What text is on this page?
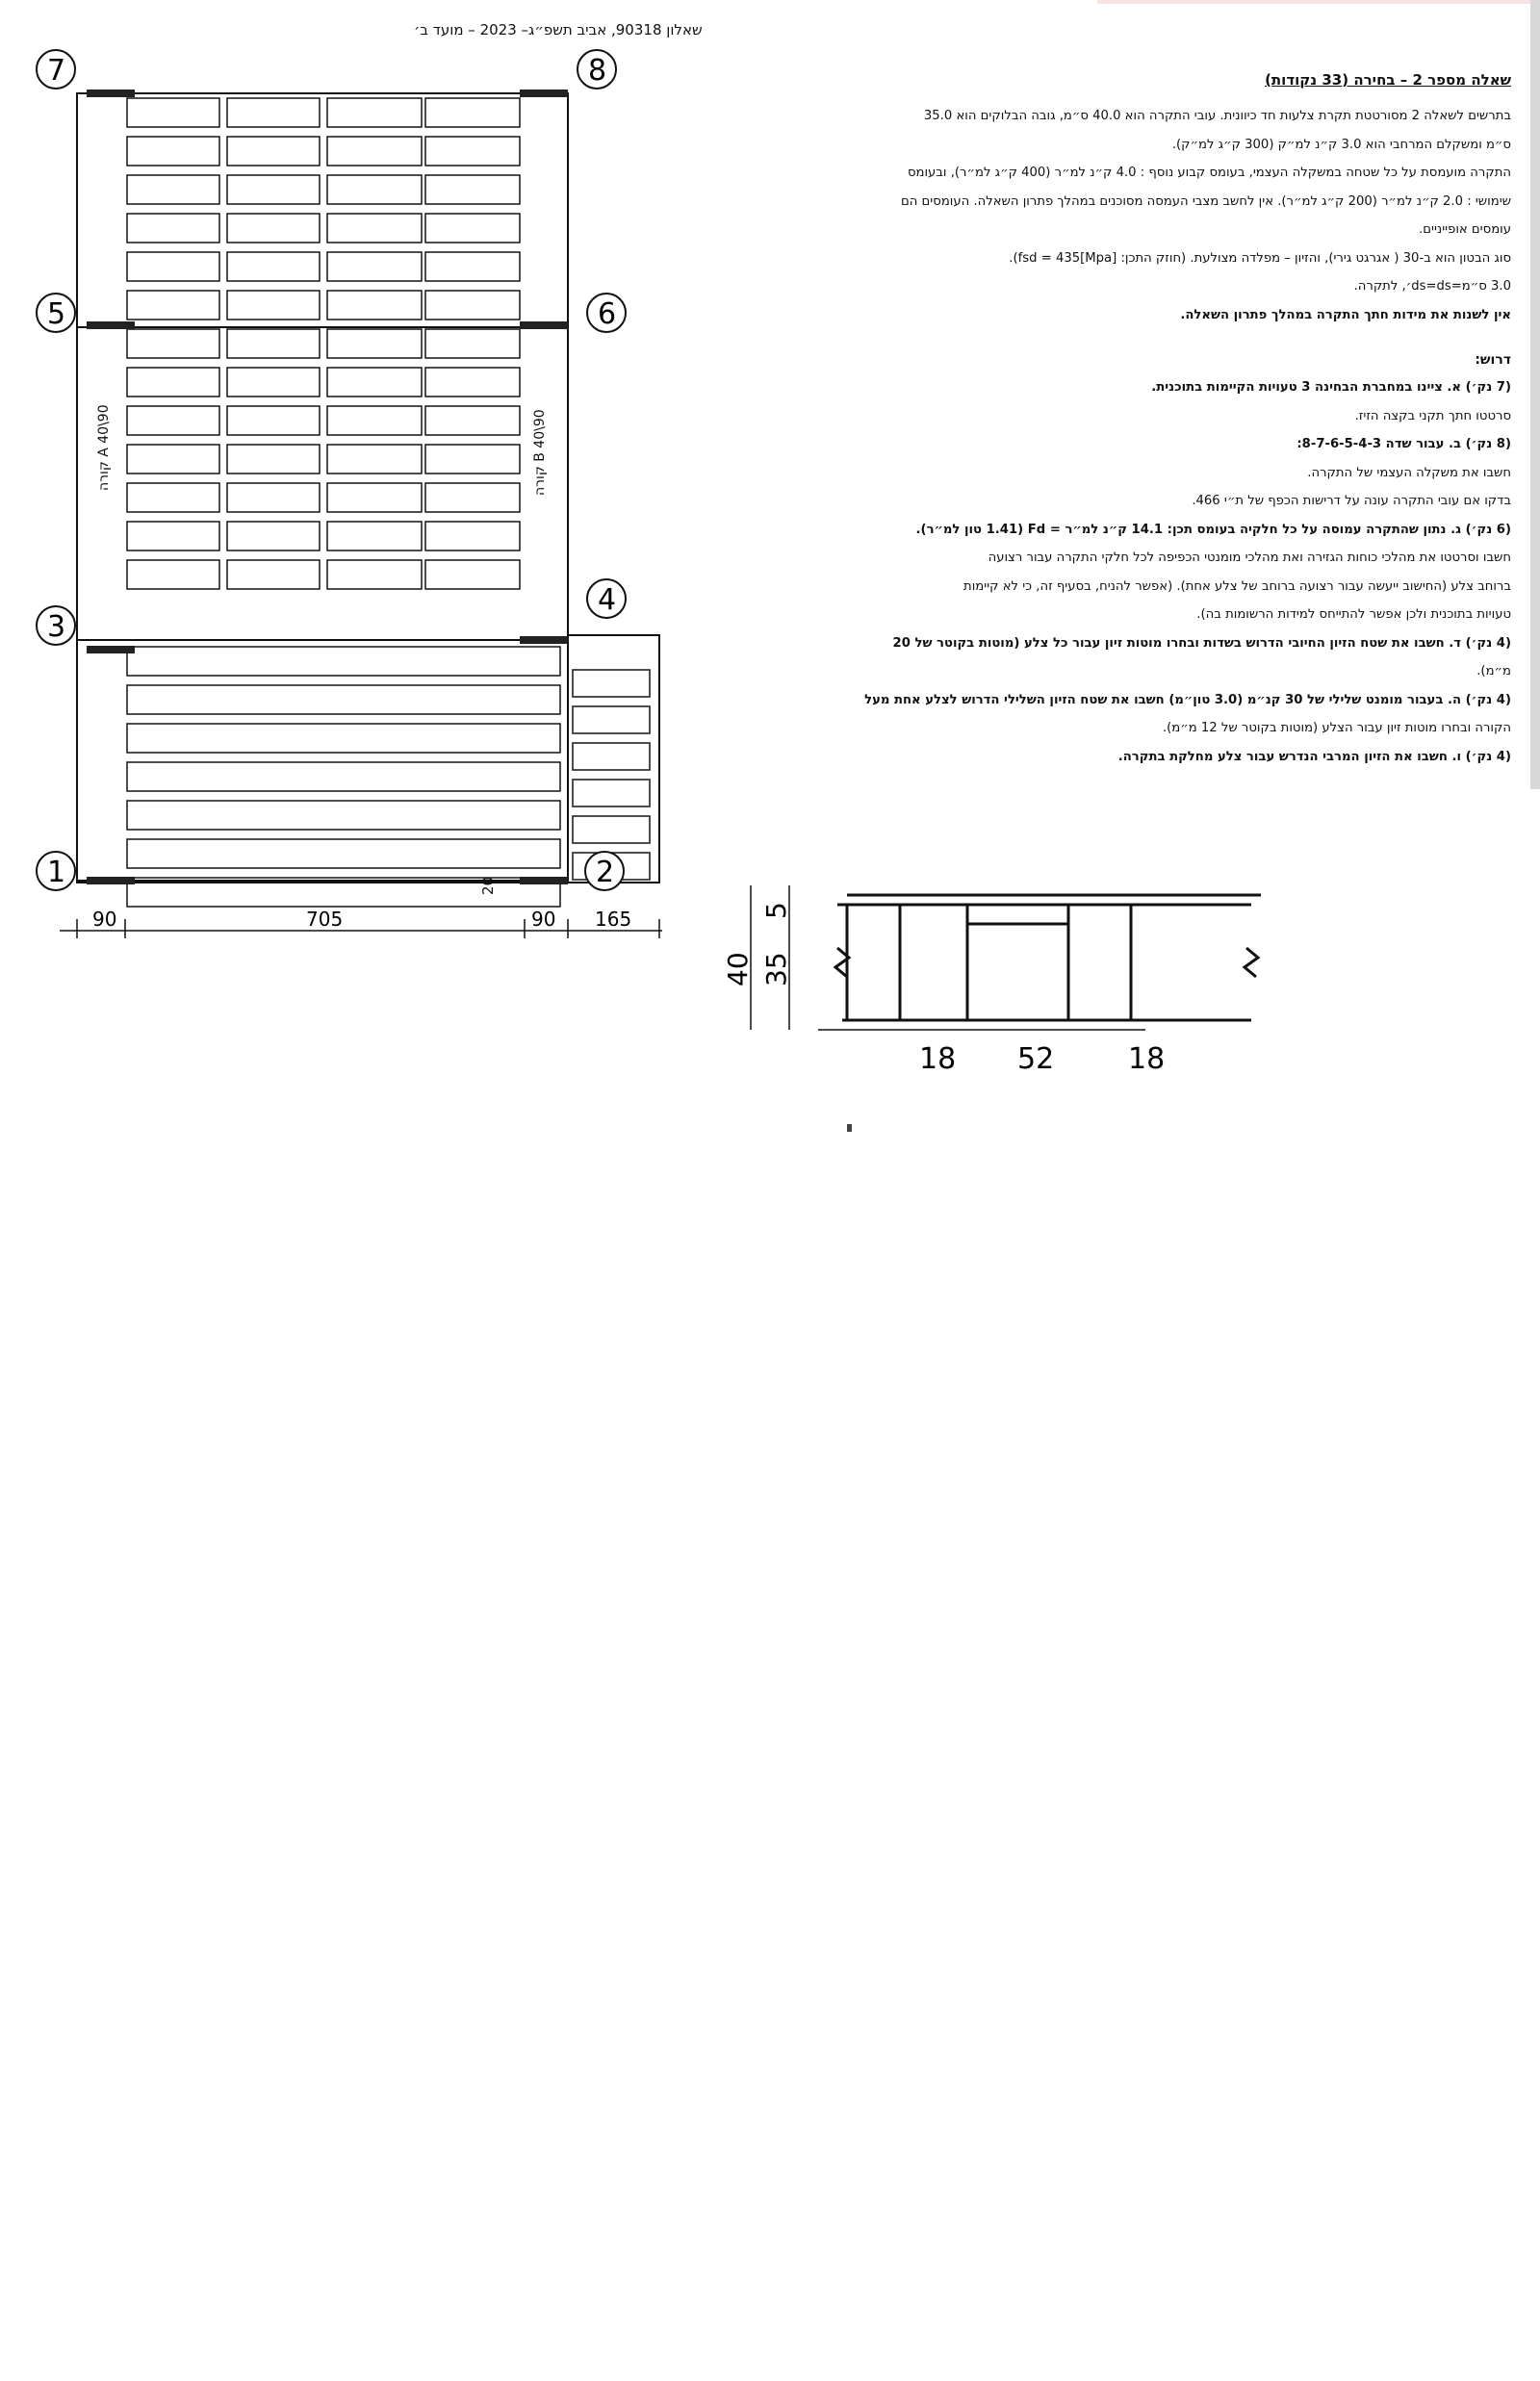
1	2
3
4
5	6
7	8
קורה A 40\90
קורה B 40\90
20
90	705	90 165
40 35
5
18 52	18

שאלון 90318, אביב תשפ״ג– 2023 – מועד ב׳

שאלה מספר 2 – בחירה (33 נקודות)

בתרשים לשאלה 2 מסורטטת תקרת צלעות חד כיוונית. עובי התקרה הוא 40.0 ס״מ, גובה הבלוקים הוא 35.0

ס״מ ומשקלם המרחבי הוא 3.0 ק״נ למ״ק (300 ק״ג למ״ק).

התקרה מועמסת על כל שטחה במשקלה העצמי, בעומס קבוע נוסף : 4.0 ק״נ למ״ר (400 ק״ג למ״ר), ובעומס

שימושי : 2.0 ק״נ למ״ר (200 ק״ג למ״ר). אין לחשב מצבי העמסה מסוכנים במהלך פתרון השאלה. העומסים הם

עומסים אופייניים.

סוג הבטון הוא ב-30 ( אגרגט גירי), והזיון – מפלדה מצולעת. (חוזק התכן: fsd = 435[Mpa]).

3.0 ס״מ=ds=ds׳, לתקרה.

אין לשנות את מידות חתך התקרה במהלך פתרון השאלה.

דרוש:

(7 נק׳) א. ציינו במחברת הבחינה 3 טעויות הקיימות בתוכנית.

סרטטו חתך תקני בקצה הזיז.

(8 נק׳) ב. עבור שדה 8-7-6-5-4-3:

חשבו את משקלה העצמי של התקרה.

בדקו אם עובי התקרה עונה על דרישות הכפף של ת״י 466.

(6 נק׳) ג. נתון שהתקרה עמוסה על כל חלקיה בעומס תכן: 14.1 ק״נ למ״ר = Fd (1.41 טון למ״ר).

חשבו וסרטטו את מהלכי כוחות הגזירה ואת מהלכי מומנטי הכפיפה לכל חלקי התקרה עבור רצועה

ברוחב צלע (החישוב ייעשה עבור רצועה ברוחב של צלע אחת). (אפשר להניח, בסעיף זה, כי לא קיימות

טעויות בתוכנית ולכן אפשר להתייחס למידות הרשומות בה).

(4 נק׳) ד. חשבו את שטח הזיון החיובי הדרוש בשדות ובחרו מוטות זיון עבור כל צלע (מוטות בקוטר של 20

מ״מ).

(4 נק׳) ה. בעבור מומנט שלילי של 30 קנ״מ (3.0 טון״מ) חשבו את שטח הזיון השלילי הדרוש לצלע אחת מעל

הקורה ובחרו מוטות זיון עבור הצלע (מוטות בקוטר של 12 מ״מ).

(4 נק׳) ו. חשבו את הזיון המרבי הנדרש עבור צלע מחלקת בתקרה.
